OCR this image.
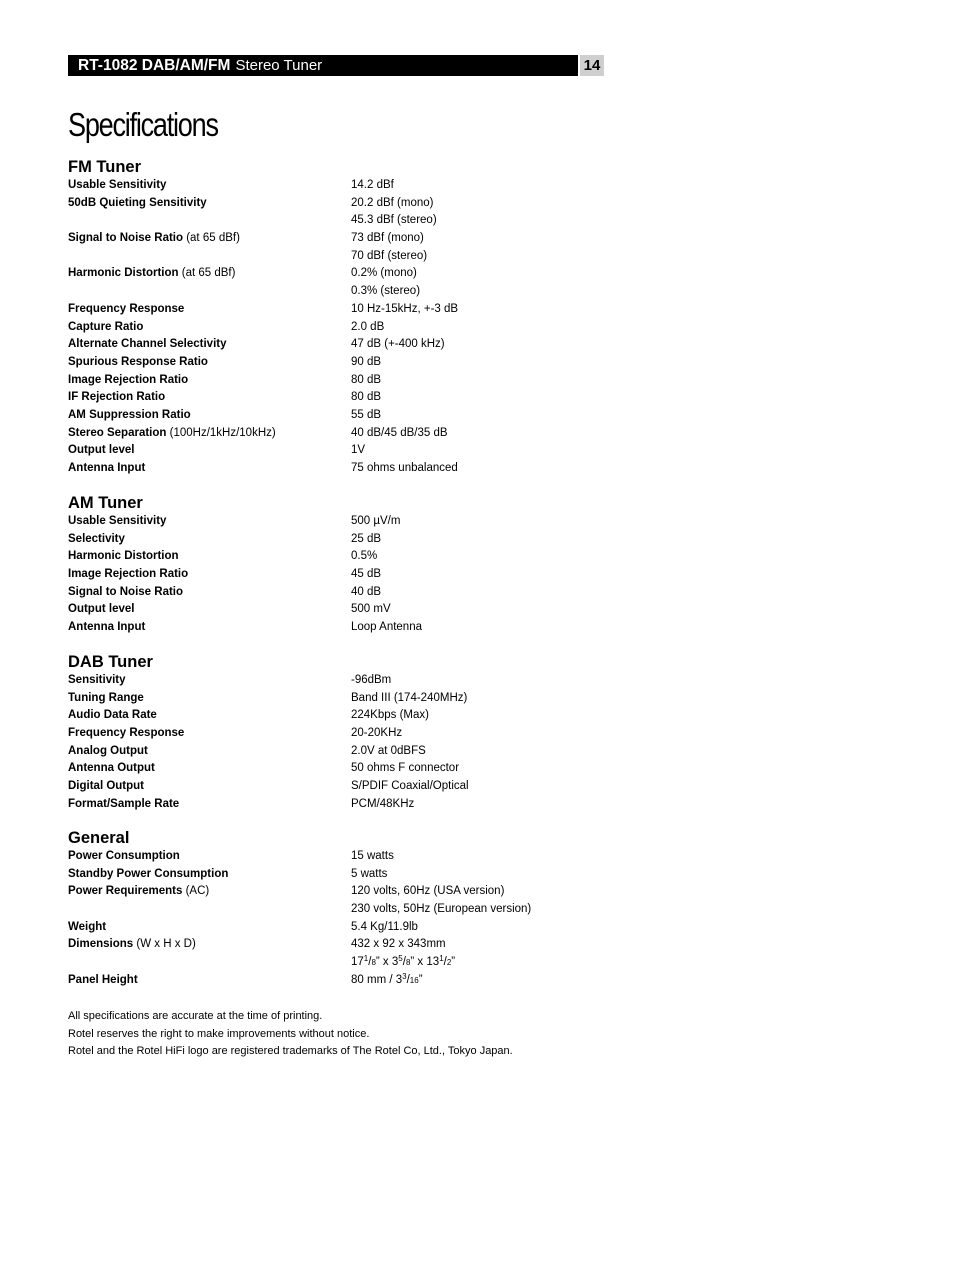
RT-1082 DAB/AM/FM Stereo Tuner	14
Specifications
FM Tuner
Usable Sensitivity	14.2 dBf
50dB Quieting Sensitivity	20.2 dBf (mono)
45.3 dBf (stereo)
Signal to Noise Ratio (at 65 dBf)	73 dBf (mono)
70 dBf (stereo)
Harmonic Distortion (at 65 dBf)	0.2% (mono)
0.3% (stereo)
Frequency Response	10 Hz-15kHz, +-3 dB
Capture Ratio	2.0 dB
Alternate Channel Selectivity	47 dB (+-400 kHz)
Spurious Response Ratio	90 dB
Image Rejection Ratio	80 dB
IF Rejection Ratio	80 dB
AM Suppression Ratio	55 dB
Stereo Separation (100Hz/1kHz/10kHz)	40 dB/45 dB/35 dB
Output level	1V
Antenna Input	75 ohms unbalanced
AM Tuner
Usable Sensitivity	500 µV/m
Selectivity	25 dB
Harmonic Distortion	0.5%
Image Rejection Ratio	45 dB
Signal to Noise Ratio	40 dB
Output level	500 mV
Antenna Input	Loop Antenna
DAB Tuner
Sensitivity	-96dBm
Tuning Range	Band III (174-240MHz)
Audio Data Rate	224Kbps (Max)
Frequency Response	20-20KHz
Analog Output	2.0V at 0dBFS
Antenna Output	50 ohms F connector
Digital Output	S/PDIF Coaxial/Optical
Format/Sample Rate	PCM/48KHz
General
Power Consumption	15 watts
Standby Power Consumption	5 watts
Power Requirements (AC)	120 volts, 60Hz (USA version)
230 volts, 50Hz (European version)
Weight	5.4 Kg/11.9lb
Dimensions (W x H x D)	432 x 92 x 343mm
$17^1/8$” x $3^5/8$” x $13^1/2$”
Panel Height	80 mm / $3^3/16$”
All specifications are accurate at the time of printing.
Rotel reserves the right to make improvements without notice.
Rotel and the Rotel HiFi logo are registered trademarks of The Rotel Co, Ltd., Tokyo Japan.
